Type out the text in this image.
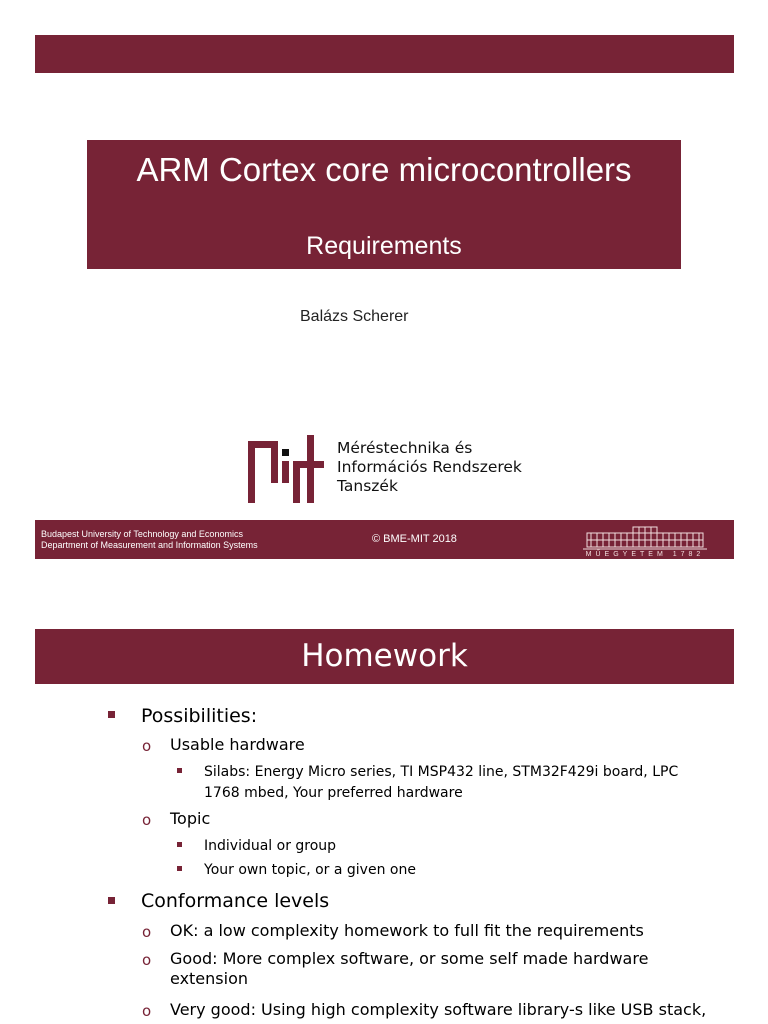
ARM Cortex core microcontrollers
Requirements
Balázs Scherer
Méréstechnika és
Információs Rendszerek
Tanszék
Budapest University of Technology and Economics
Department of Measurement and Information Systems	© BME-MIT 2018
MŰEGYETEM 1782
Homework
Possibilities:
o Usable hardware
Silabs: Energy Micro series, TI MSP432 line, STM32F429i board, LPC 1768 mbed, Your preferred hardware
o Topic
Individual or group
Your own topic, or a given one
Conformance levels
o OK: a low complexity homework to full fit the requirements
o Good: More complex software, or some self made hardware extension
o Very good: Using high complexity software library-s like USB stack,
